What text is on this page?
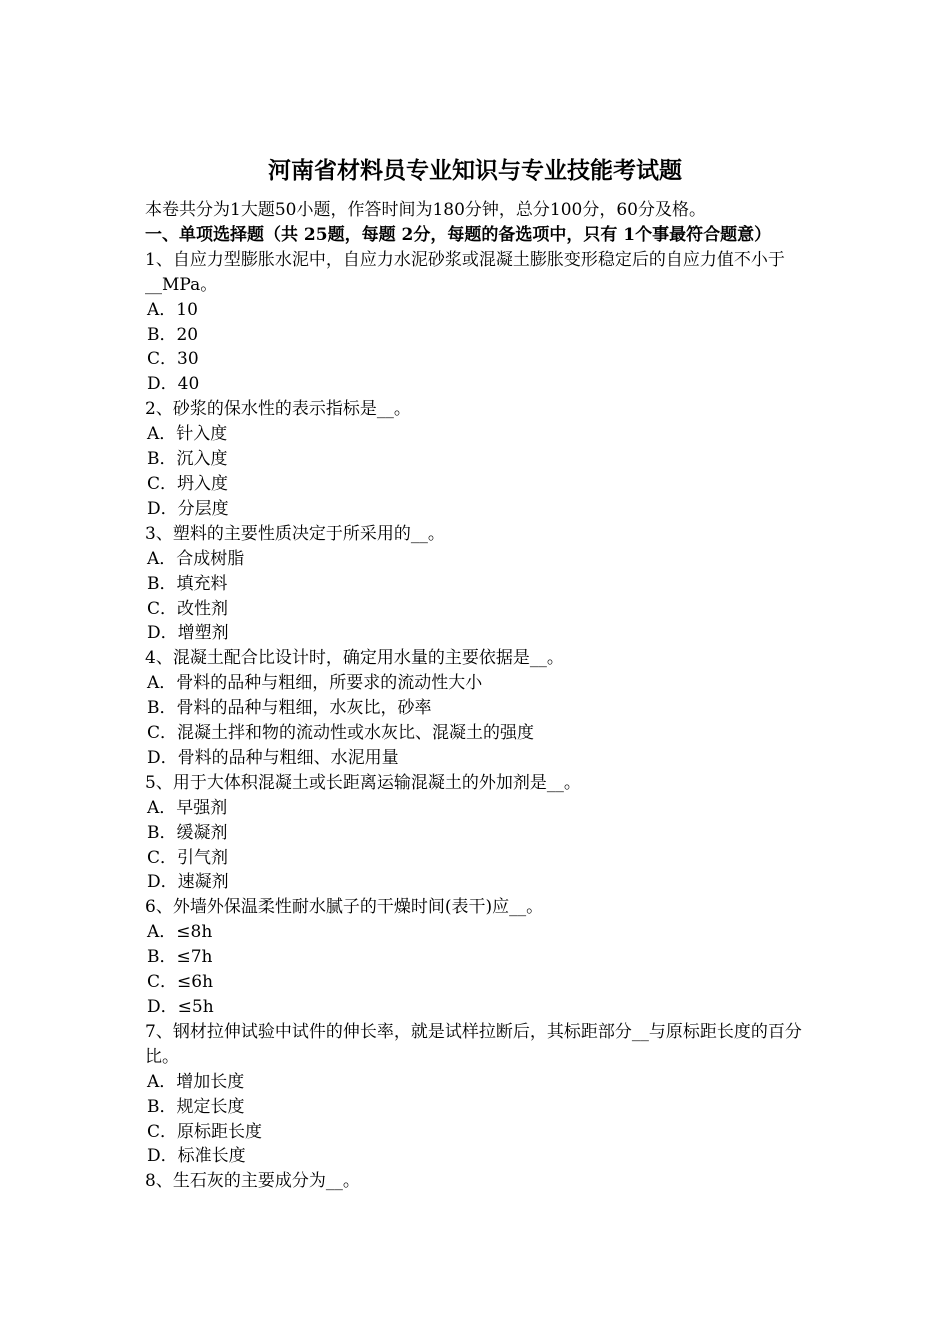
河南省材料员专业知识与专业技能考试题
本卷共分为1大题50小题，作答时间为180分钟，总分100分，60分及格。
一、单项选择题（共 25题，每题 2分，每题的备选项中，只有 1个事最符合题意）
1、自应力型膨胀水泥中，自应力水泥砂浆或混凝土膨胀变形稳定后的自应力值不小于__MPa。
A．10
B．20
C．30
D．40
2、砂浆的保水性的表示指标是__。
A．针入度
B．沉入度
C．坍入度
D．分层度
3、塑料的主要性质决定于所采用的__。
A．合成树脂
B．填充料
C．改性剂
D．增塑剂
4、混凝土配合比设计时，确定用水量的主要依据是__。
A．骨料的品种与粗细，所要求的流动性大小
B．骨料的品种与粗细，水灰比，砂率
C．混凝土拌和物的流动性或水灰比、混凝土的强度
D．骨料的品种与粗细、水泥用量
5、用于大体积混凝土或长距离运输混凝土的外加剂是__。
A．早强剂
B．缓凝剂
C．引气剂
D．速凝剂
6、外墙外保温柔性耐水腻子的干燥时间(表干)应__。
A．≤8h
B．≤7h
C．≤6h
D．≤5h
7、钢材拉伸试验中试件的伸长率，就是试样拉断后，其标距部分__与原标距长度的百分比。
A．增加长度
B．规定长度
C．原标距长度
D．标准长度
8、生石灰的主要成分为__。
